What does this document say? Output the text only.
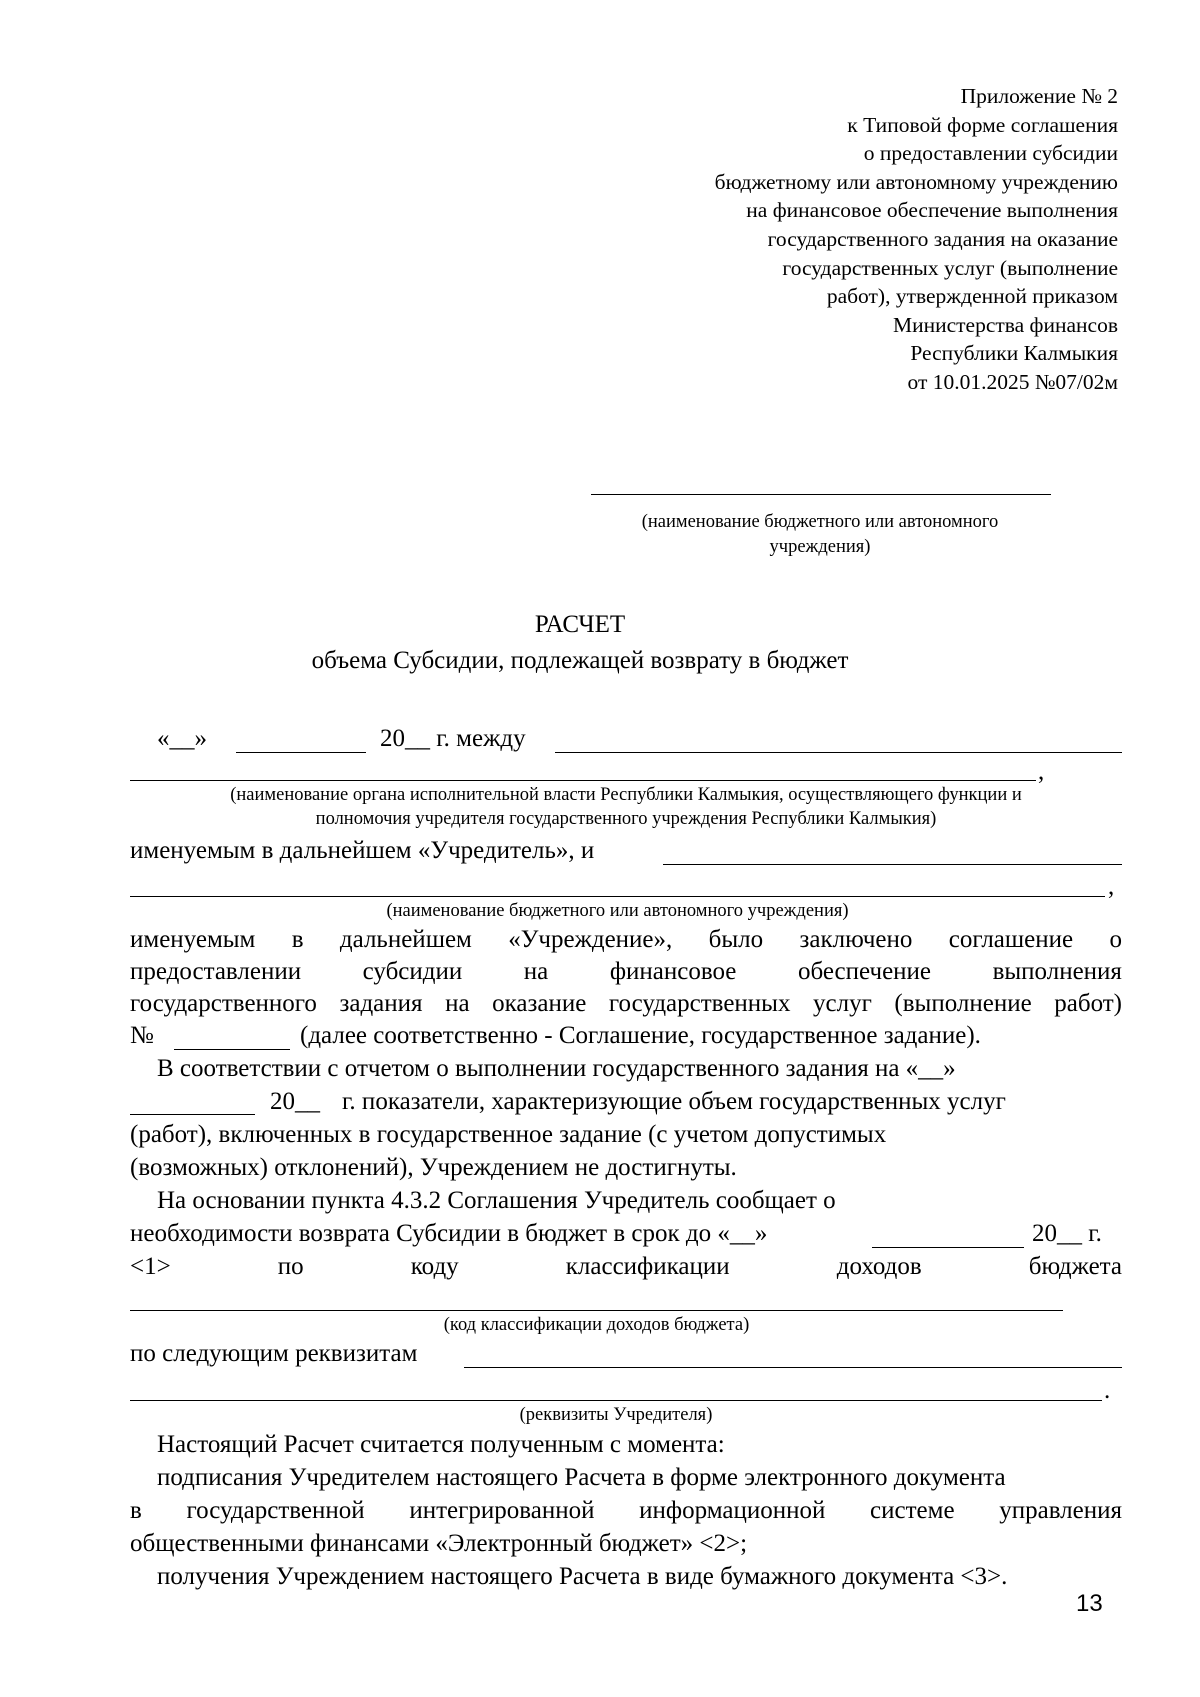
Приложение № 2
к Типовой форме соглашения
о предоставлении субсидии
бюджетному или автономному учреждению
на финансовое обеспечение выполнения
государственного задания на оказание
государственных услуг (выполнение
работ), утвержденной приказом
Министерства финансов
Республики Калмыкия
от 10.01.2025 №07/02м
(наименование бюджетного или автономного
учреждения)
РАСЧЕТ
объема Субсидии, подлежащей возврату в бюджет
«__»	20__ г. между
,
(наименование органа исполнительной власти Республики Калмыкия, осуществляющего функции и
полномочия учредителя государственного учреждения Республики Калмыкия)
именуемым в дальнейшем «Учредитель», и
,
(наименование бюджетного или автономного учреждения)
именуемым в дальнейшем «Учреждение», было заключено соглашение о
предоставлении субсидии на финансовое обеспечение выполнения
государственного задания на оказание государственных услуг (выполнение работ)
№	(далее соответственно - Соглашение, государственное задание).
В соответствии с отчетом о выполнении государственного задания на «__»
20__ г. показатели, характеризующие объем государственных услуг
(работ), включенных в государственное задание (с учетом допустимых
(возможных) отклонений), Учреждением не достигнуты.
На основании пункта 4.3.2 Соглашения Учредитель сообщает о
необходимости возврата Субсидии в бюджет в срок до «__»	20__ г.
<1>	по	коду	классификации	доходов	бюджета
(код классификации доходов бюджета)
по следующим реквизитам
.
(реквизиты Учредителя)
Настоящий Расчет считается полученным с момента:
подписания Учредителем настоящего Расчета в форме электронного документа
в государственной интегрированной информационной системе управления
общественными финансами «Электронный бюджет» <2>;
получения Учреждением настоящего Расчета в виде бумажного документа <3>.
13
